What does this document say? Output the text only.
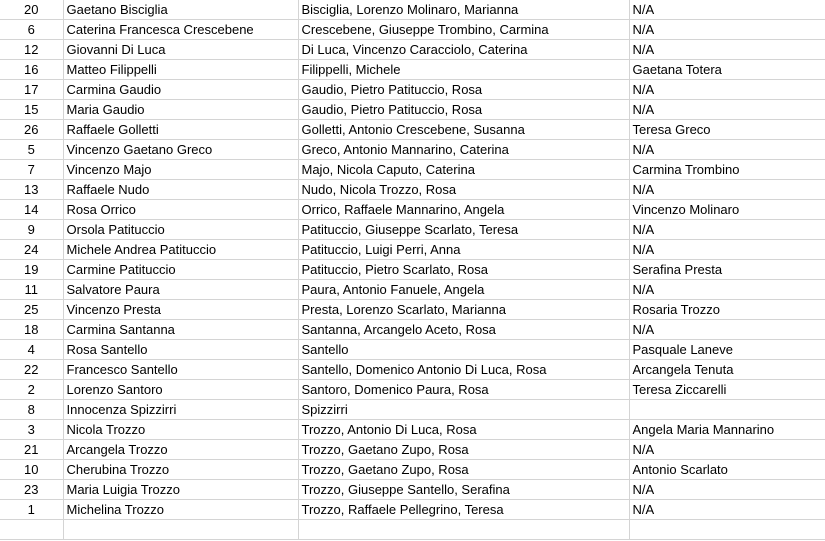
20	Gaetano Bisciglia	Bisciglia, Lorenzo Molinaro, Marianna	N/A
6	Caterina Francesca Crescebene	Crescebene, Giuseppe Trombino, Carmina	N/A
12	Giovanni Di Luca	Di Luca, Vincenzo Caracciolo, Caterina	N/A
16	Matteo Filippelli	Filippelli, Michele	Gaetana Totera
17	Carmina Gaudio	Gaudio, Pietro Patituccio, Rosa	N/A
15	Maria Gaudio	Gaudio, Pietro Patituccio, Rosa	N/A
26	Raffaele Golletti	Golletti, Antonio Crescebene, Susanna	Teresa Greco
5	Vincenzo Gaetano Greco	Greco, Antonio Mannarino, Caterina	N/A
7	Vincenzo Majo	Majo, Nicola Caputo, Caterina	Carmina Trombino
13	Raffaele Nudo	Nudo, Nicola Trozzo, Rosa	N/A
14	Rosa Orrico	Orrico, Raffaele Mannarino, Angela	Vincenzo Molinaro
9	Orsola Patituccio	Patituccio, Giuseppe Scarlato, Teresa	N/A
24	Michele Andrea Patituccio	Patituccio, Luigi Perri, Anna	N/A
19	Carmine Patituccio	Patituccio, Pietro Scarlato, Rosa	Serafina Presta
11	Salvatore Paura	Paura, Antonio Fanuele, Angela	N/A
25	Vincenzo Presta	Presta, Lorenzo Scarlato, Marianna	Rosaria Trozzo
18	Carmina Santanna	Santanna, Arcangelo Aceto, Rosa	N/A
4	Rosa Santello	Santello	Pasquale Laneve
22	Francesco Santello	Santello, Domenico Antonio Di Luca, Rosa	Arcangela Tenuta
2	Lorenzo Santoro	Santoro, Domenico Paura, Rosa	Teresa Ziccarelli
8	Innocenza Spizzirri	Spizzirri	
3	Nicola Trozzo	Trozzo, Antonio Di Luca, Rosa	Angela Maria Mannarino
21	Arcangela Trozzo	Trozzo, Gaetano Zupo, Rosa	N/A
10	Cherubina Trozzo	Trozzo, Gaetano Zupo, Rosa	Antonio Scarlato
23	Maria Luigia Trozzo	Trozzo, Giuseppe Santello, Serafina	N/A
1	Michelina Trozzo	Trozzo, Raffaele Pellegrino, Teresa	N/A
